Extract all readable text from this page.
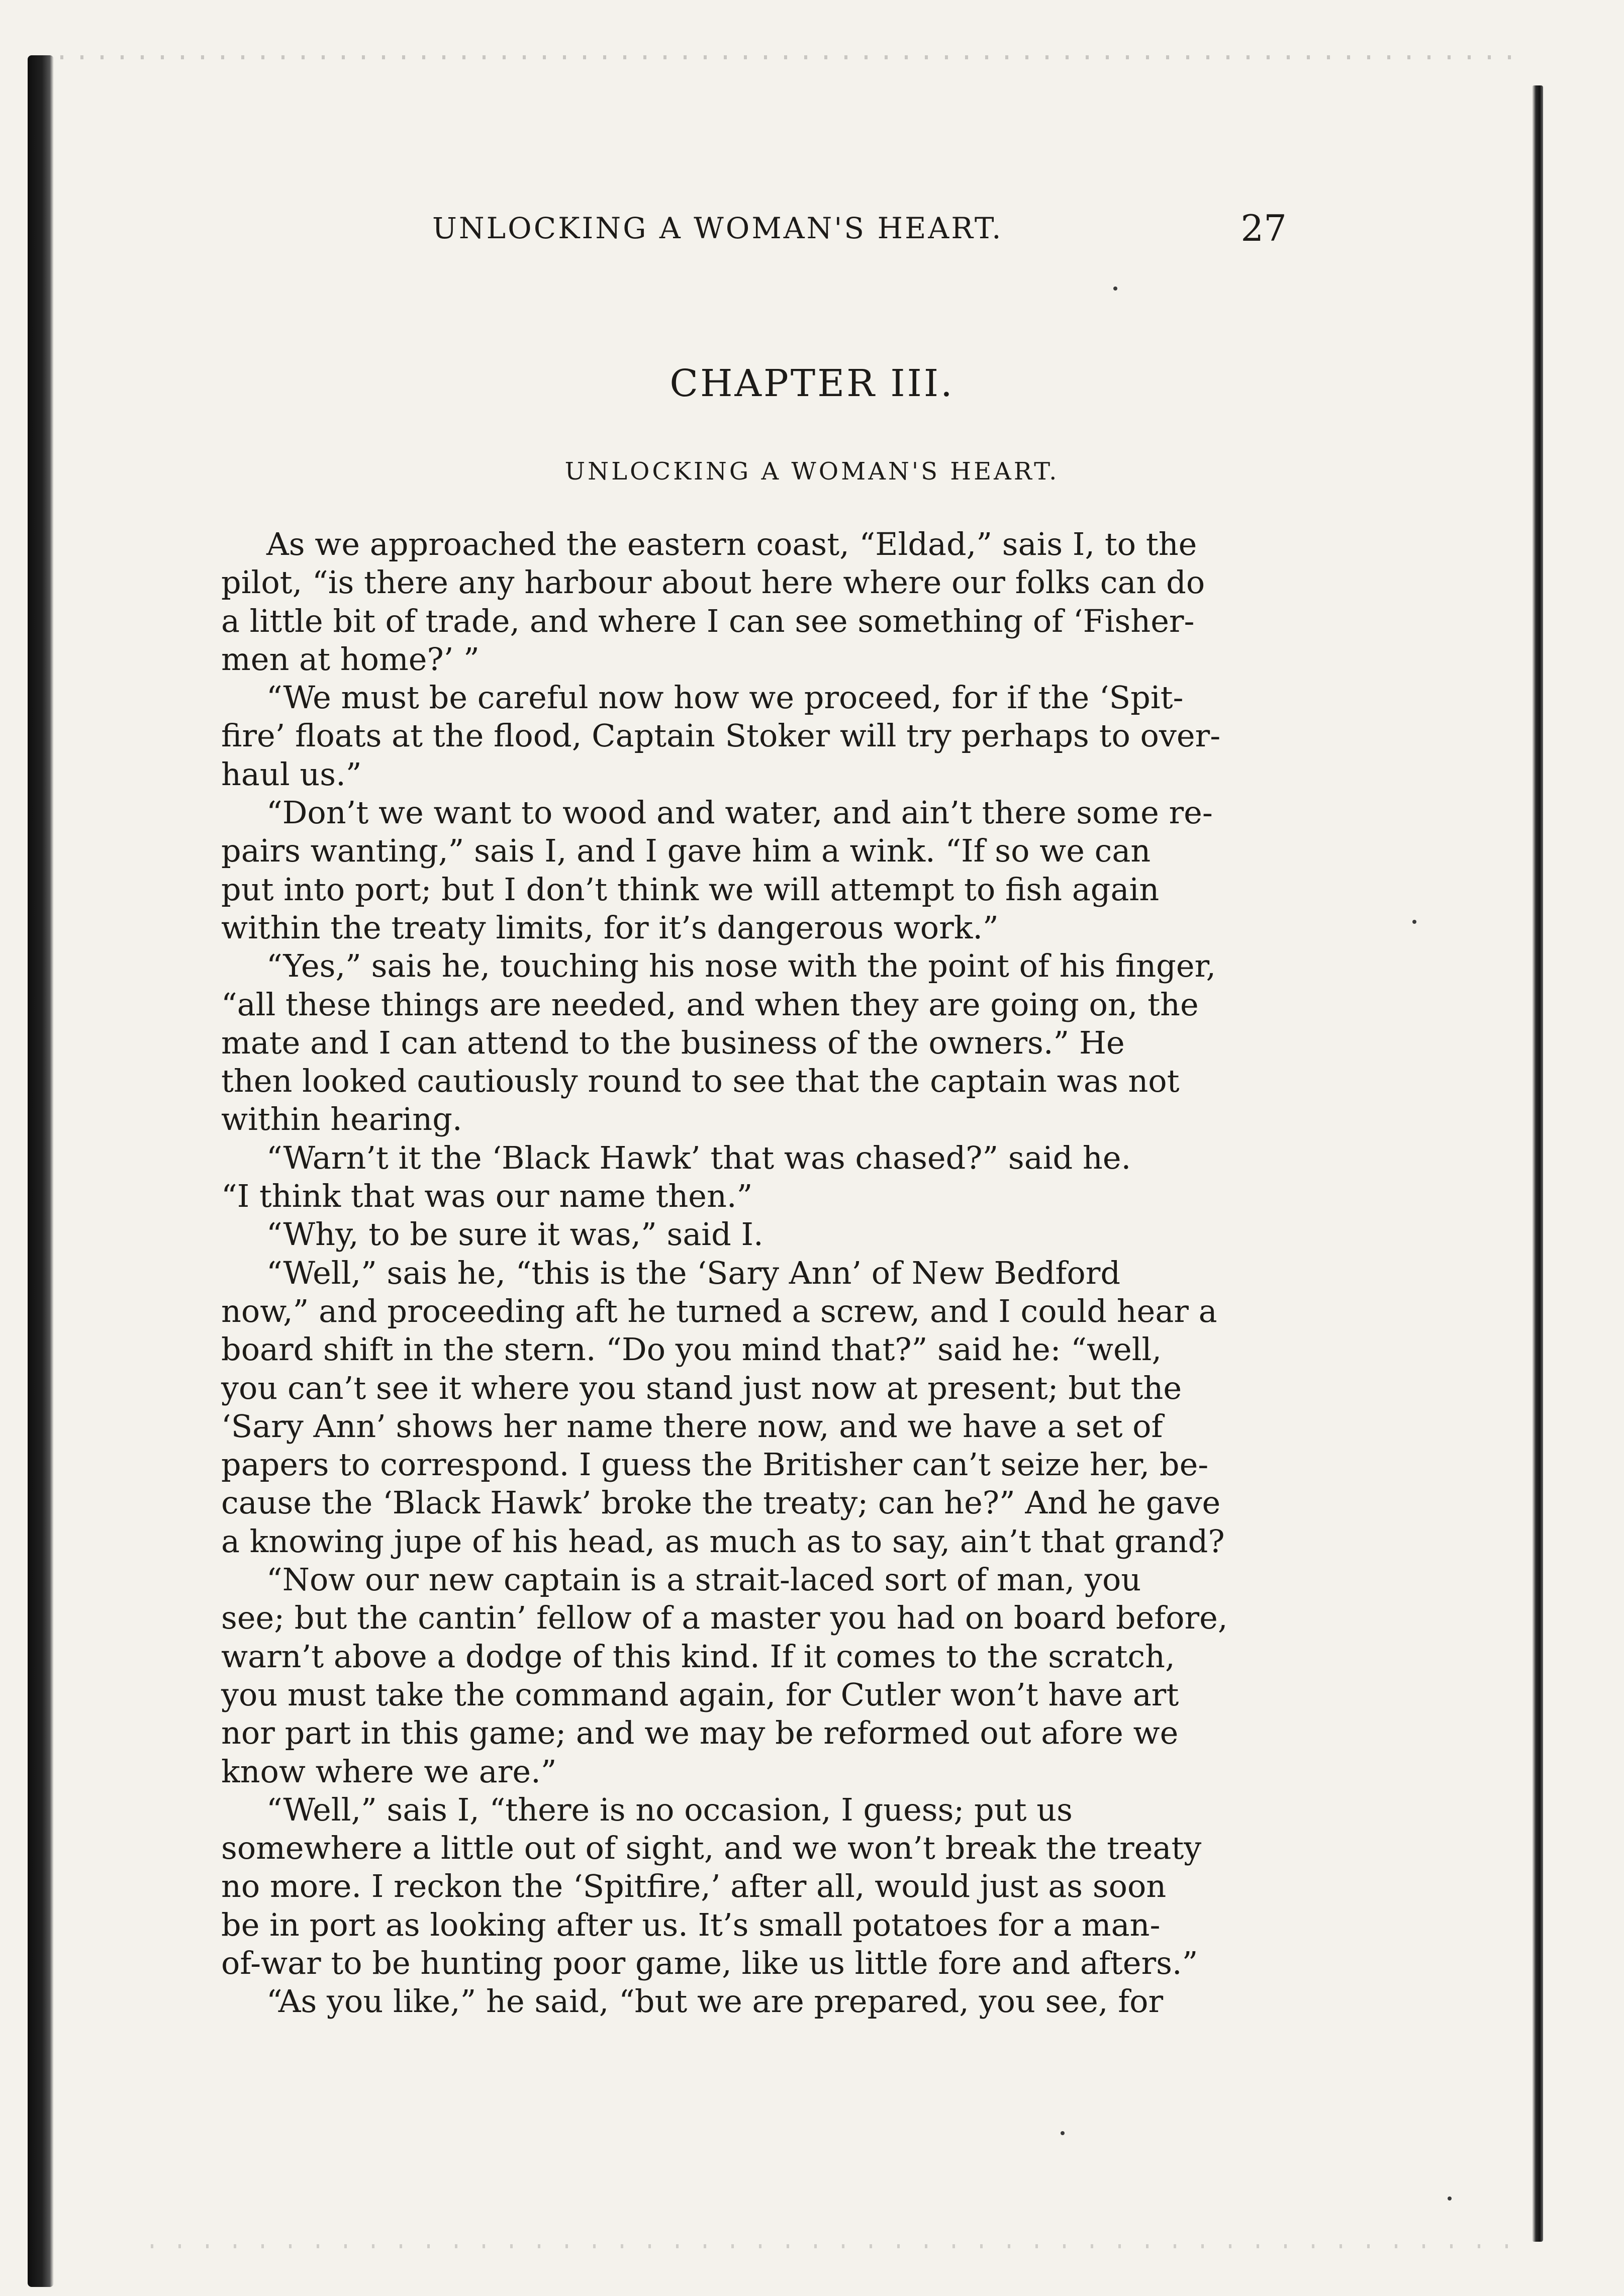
UNLOCKING A WOMAN'S HEART.	27
CHAPTER III.
UNLOCKING A WOMAN'S HEART.
As we approached the eastern coast, “Eldad,” sais I, to the
pilot, “is there any harbour about here where our folks can do
a little bit of trade, and where I can see something of ‘Fisher-
men at home?’ ”
“We must be careful now how we proceed, for if the ‘Spit-
fire’ floats at the flood, Captain Stoker will try perhaps to over-
haul us.”
“Don’t we want to wood and water, and ain’t there some re-
pairs wanting,” sais I, and I gave him a wink. “If so we can
put into port; but I don’t think we will attempt to fish again
within the treaty limits, for it’s dangerous work.”
“Yes,” sais he, touching his nose with the point of his finger,
“all these things are needed, and when they are going on, the
mate and I can attend to the business of the owners.” He
then looked cautiously round to see that the captain was not
within hearing.
“Warn’t it the ‘Black Hawk’ that was chased?” said he.
“I think that was our name then.”
“Why, to be sure it was,” said I.
“Well,” sais he, “this is the ‘Sary Ann’ of New Bedford
now,” and proceeding aft he turned a screw, and I could hear a
board shift in the stern. “Do you mind that?” said he: “well,
you can’t see it where you stand just now at present; but the
‘Sary Ann’ shows her name there now, and we have a set of
papers to correspond. I guess the Britisher can’t seize her, be-
cause the ‘Black Hawk’ broke the treaty; can he?” And he gave
a knowing jupe of his head, as much as to say, ain’t that grand?
“Now our new captain is a strait-laced sort of man, you
see; but the cantin’ fellow of a master you had on board before,
warn’t above a dodge of this kind. If it comes to the scratch,
you must take the command again, for Cutler won’t have art
nor part in this game; and we may be reformed out afore we
know where we are.”
“Well,” sais I, “there is no occasion, I guess; put us
somewhere a little out of sight, and we won’t break the treaty
no more. I reckon the ‘Spitfire,’ after all, would just as soon
be in port as looking after us. It’s small potatoes for a man-
of-war to be hunting poor game, like us little fore and afters.”
“As you like,” he said, “but we are prepared, you see, for
